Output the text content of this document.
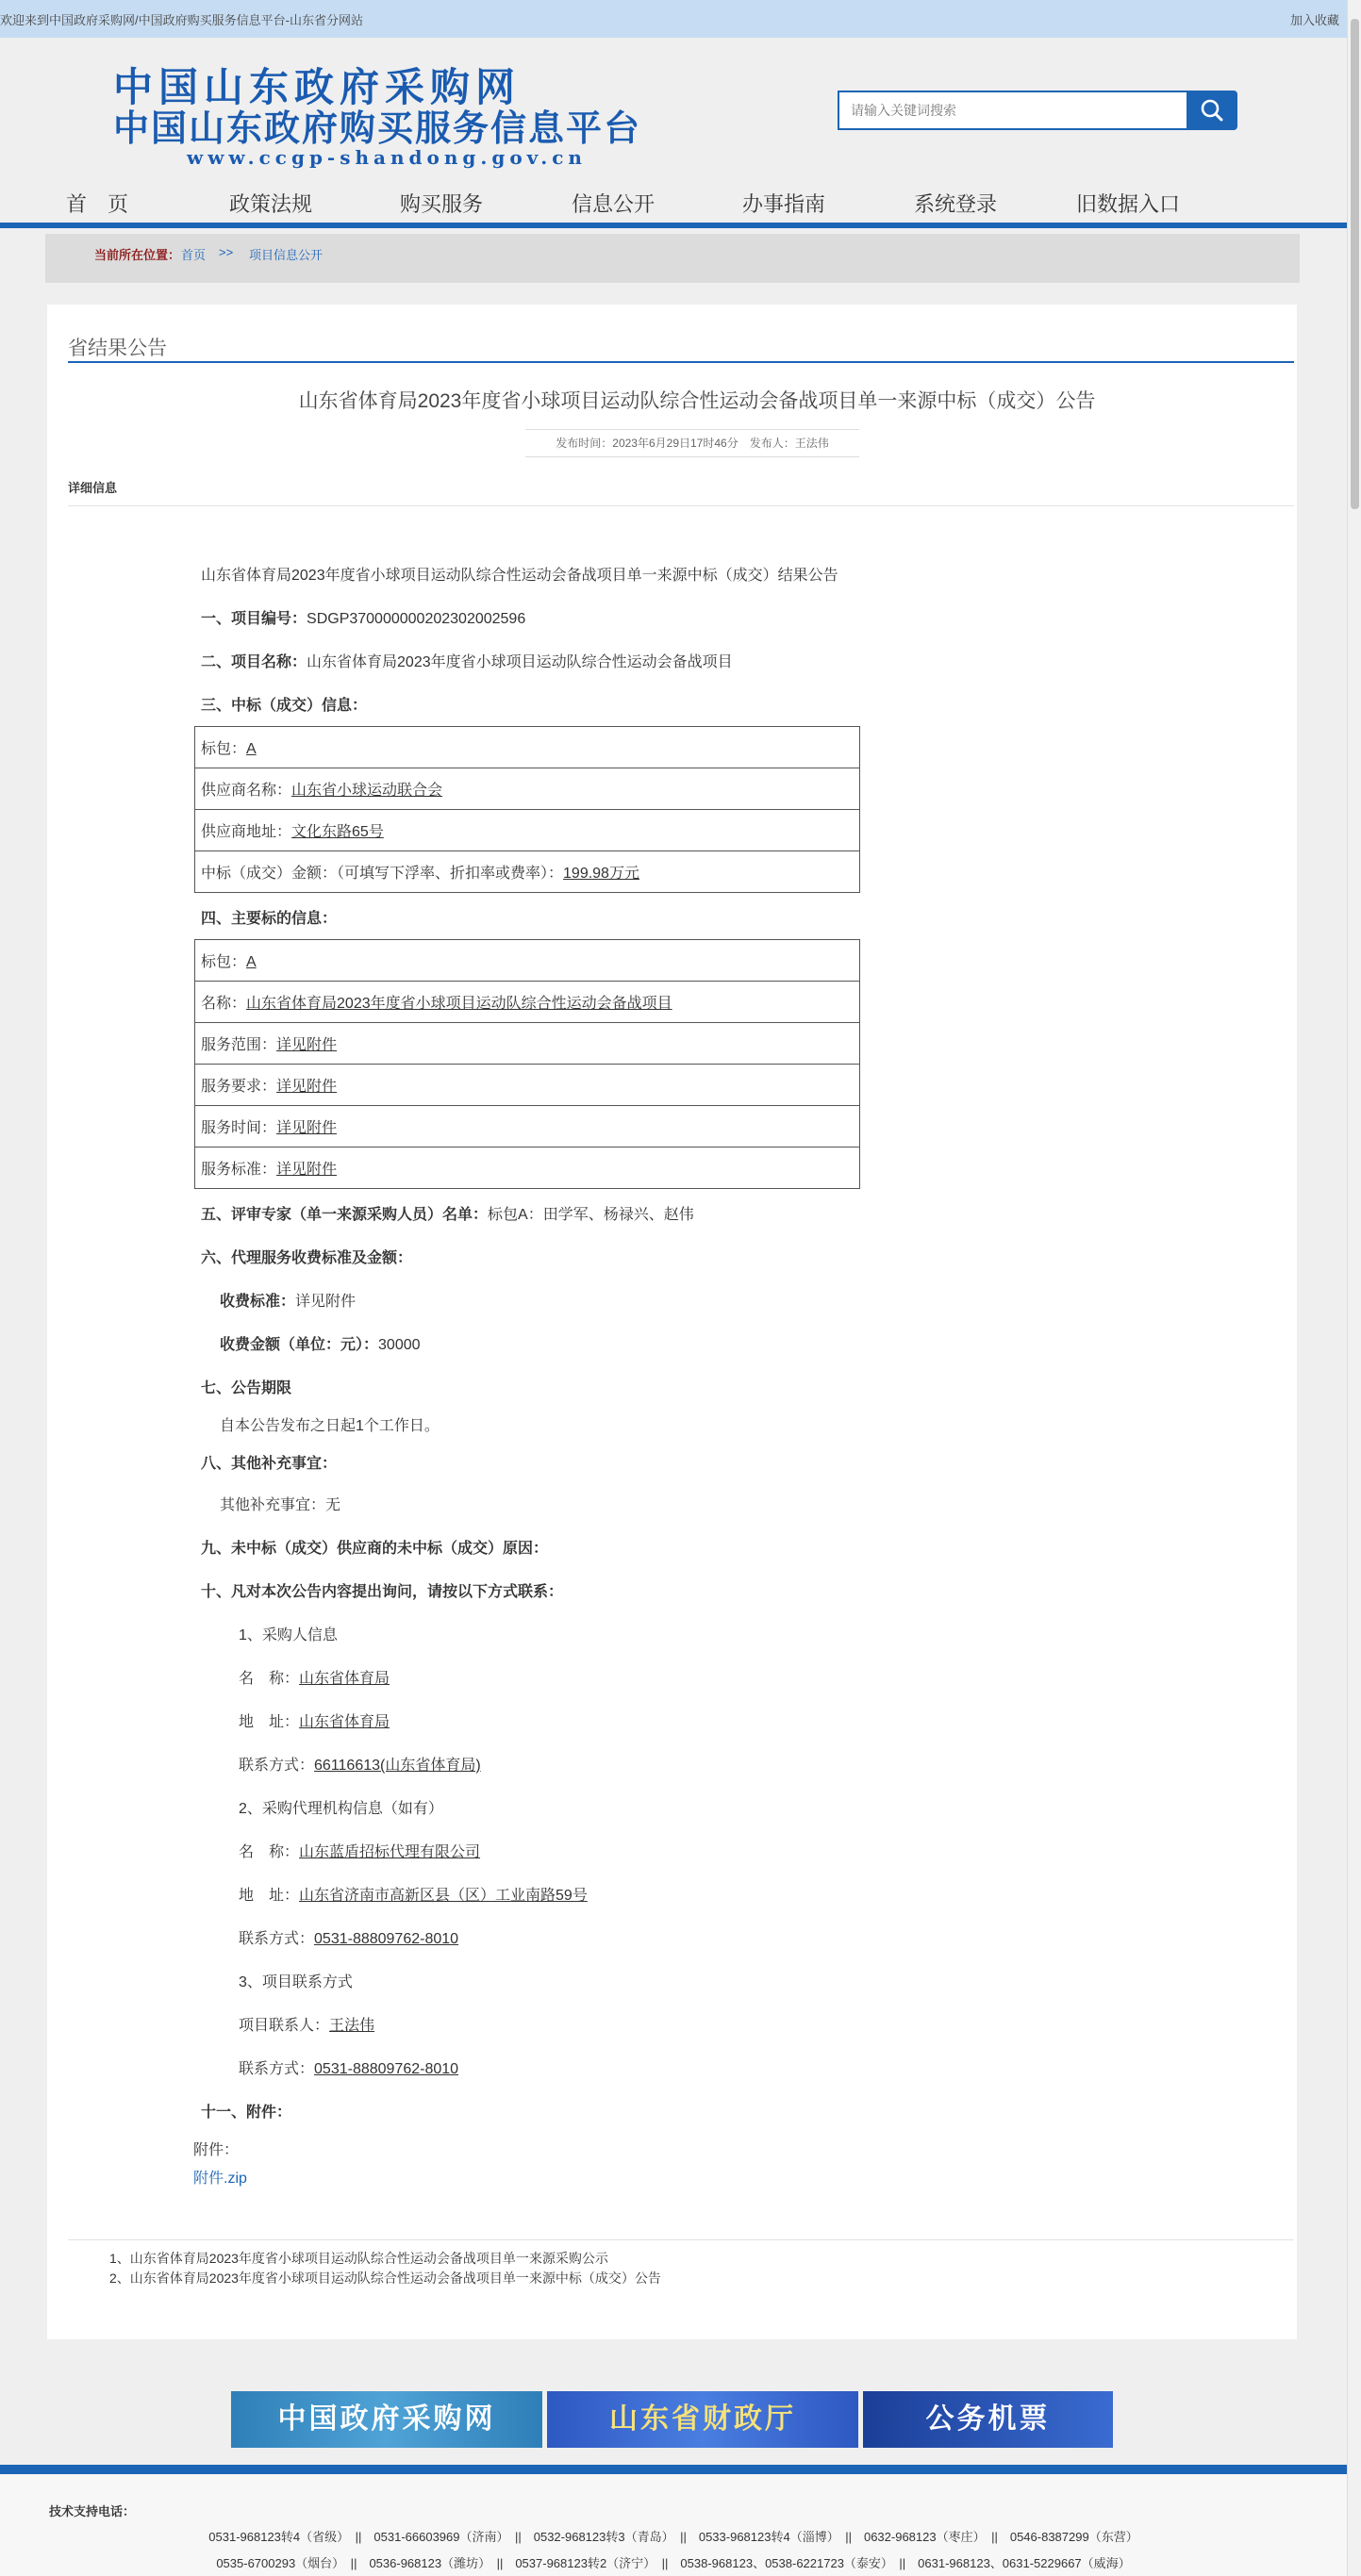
欢迎来到中国政府采购网/中国政府购买服务信息平台-山东省分网站	加入收藏
中国山东政府采购网
中国山东政府购买服务信息平台
www.ccgp-shandong.gov.cn
请输入关键词搜索
首　页	政策法规	购买服务	信息公开	办事指南	系统登录	旧数据入口
当前所在位置： 首页 >> 项目信息公开
省结果公告
山东省体育局2023年度省小球项目运动队综合性运动会备战项目单一来源中标（成交）公告
发布时间：2023年6月29日17时46分　发布人：王法伟
详细信息
山东省体育局2023年度省小球项目运动队综合性运动会备战项目单一来源中标（成交）结果公告
一、项目编号：SDGP370000000202302002596
二、项目名称：山东省体育局2023年度省小球项目运动队综合性运动会备战项目
三、中标（成交）信息：
标包：A
供应商名称：山东省小球运动联合会
供应商地址：文化东路65号
中标（成交）金额：（可填写下浮率、折扣率或费率）：199.98万元
四、主要标的信息：
标包：A
名称：山东省体育局2023年度省小球项目运动队综合性运动会备战项目
服务范围：详见附件
服务要求：详见附件
服务时间：详见附件
服务标准：详见附件
五、评审专家（单一来源采购人员）名单：标包A：田学军、杨禄兴、赵伟
六、代理服务收费标准及金额：
收费标准：详见附件
收费金额（单位：元）：30000
七、公告期限
自本公告发布之日起1个工作日。
八、其他补充事宜：
其他补充事宜：无
九、未中标（成交）供应商的未中标（成交）原因：
十、凡对本次公告内容提出询问，请按以下方式联系：
1、采购人信息
名　称：山东省体育局
地　址：山东省体育局
联系方式：66116613(山东省体育局)
2、采购代理机构信息（如有）
名　称：山东蓝盾招标代理有限公司
地　址：山东省济南市高新区县（区）工业南路59号
联系方式：0531-88809762-8010
3、项目联系方式
项目联系人：王法伟
联系方式：0531-88809762-8010
十一、附件：
附件：
附件.zip
1、山东省体育局2023年度省小球项目运动队综合性运动会备战项目单一来源采购公示
2、山东省体育局2023年度省小球项目运动队综合性运动会备战项目单一来源中标（成交）公告
中国政府采购网	山东省财政厅	公务机票
技术支持电话：
0531-968123转4（省级）　||　0531-66603969（济南）　||　0532-968123转3（青岛）　||　0533-968123转4（淄博）　||　0632-968123（枣庄）　||　0546-8387299（东营）
0535-6700293（烟台）　||　0536-968123（潍坊）　||　0537-968123转2（济宁）　||　0538-968123、0538-6221723（泰安）　||　0631-968123、0631-5229667（威海）
